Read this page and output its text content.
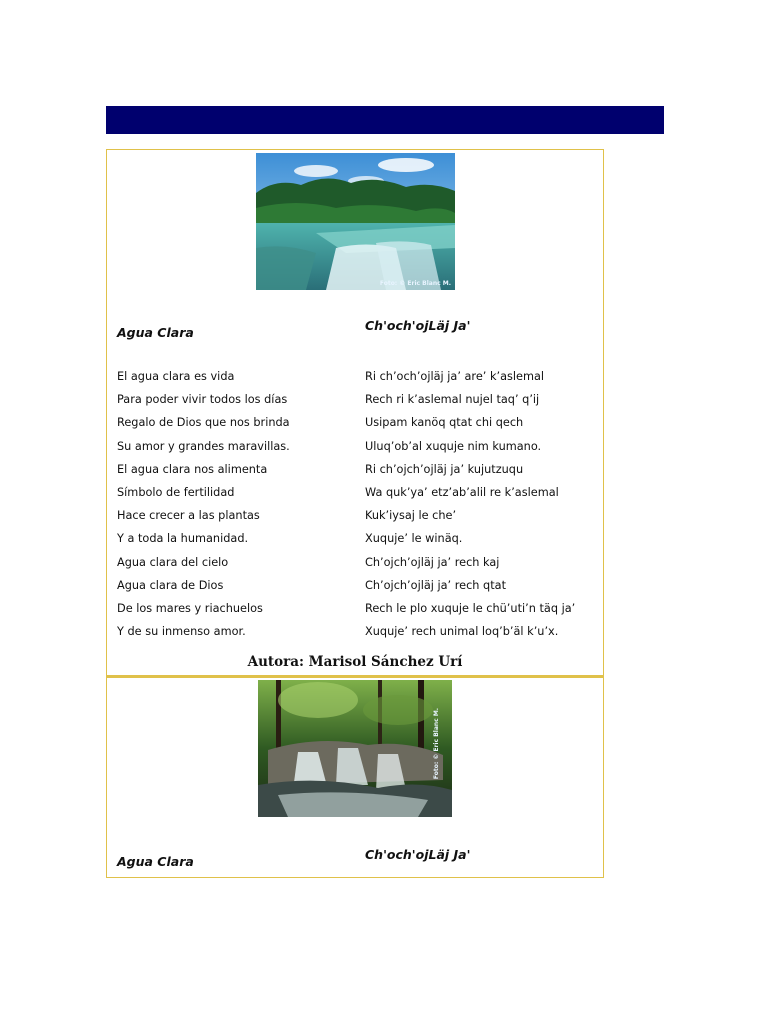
Foto: © Eric Blanc M.

Agua Clara	Ch'och'ojLäj Ja'

El agua clara es vida
Para poder vivir todos los días
Regalo de Dios que nos brinda
Su amor y grandes maravillas.
El agua clara nos alimenta
Símbolo de fertilidad
Hace crecer a las plantas
Y a toda la humanidad.
Agua clara del cielo
Agua clara de Dios
De los mares y riachuelos
Y de su inmenso amor.
Ri ch’och’ojläj ja’ are’ k’aslemal
Rech ri k’aslemal nujel taq’ q’ij
Usipam kanöq qtat chi qech
Uluq’ob’al xuquje nim kumano.
Ri ch’ojch’ojläj ja’ kujutzuqu
Wa quk’ya’ etz’ab’alil re k’aslemal
Kuk’iysaj le che’
Xuquje’ le winäq.
Ch’ojch’ojläj ja’ rech kaj
Ch’ojch’ojläj ja’ rech qtat
Rech le plo xuquje le chü’uti’n täq ja’
Xuquje’ rech unimal loq’b’äl k’u’x.
Autora: Marisol Sánchez Urí
Foto: © Eric Blanc M.

Agua Clara	Ch'och'ojLäj Ja'
